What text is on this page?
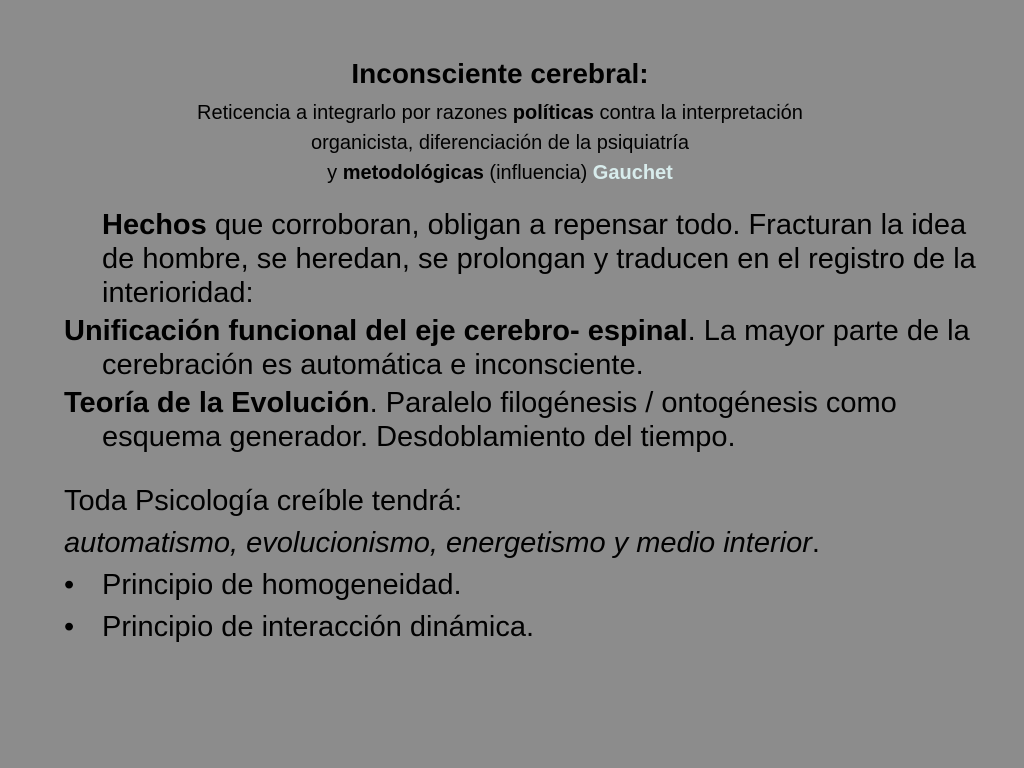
Inconsciente cerebral:

Reticencia a integrarlo por razones políticas contra la interpretación

organicista, diferenciación de la psiquiatría

y metodológicas (influencia) Gauchet

Hechos que corroboran, obligan a repensar todo. Fracturan la idea de hombre, se heredan, se prolongan y traducen en el registro de la interioridad:

Unificación funcional del eje cerebro- espinal. La mayor parte de la cerebración es automática e inconsciente.

Teoría de la Evolución. Paralelo filogénesis / ontogénesis como esquema generador. Desdoblamiento del tiempo.

Toda Psicología creíble tendrá:

automatismo, evolucionismo, energetismo y medio interior.

• Principio de homogeneidad.
• Principio de interacción dinámica.
